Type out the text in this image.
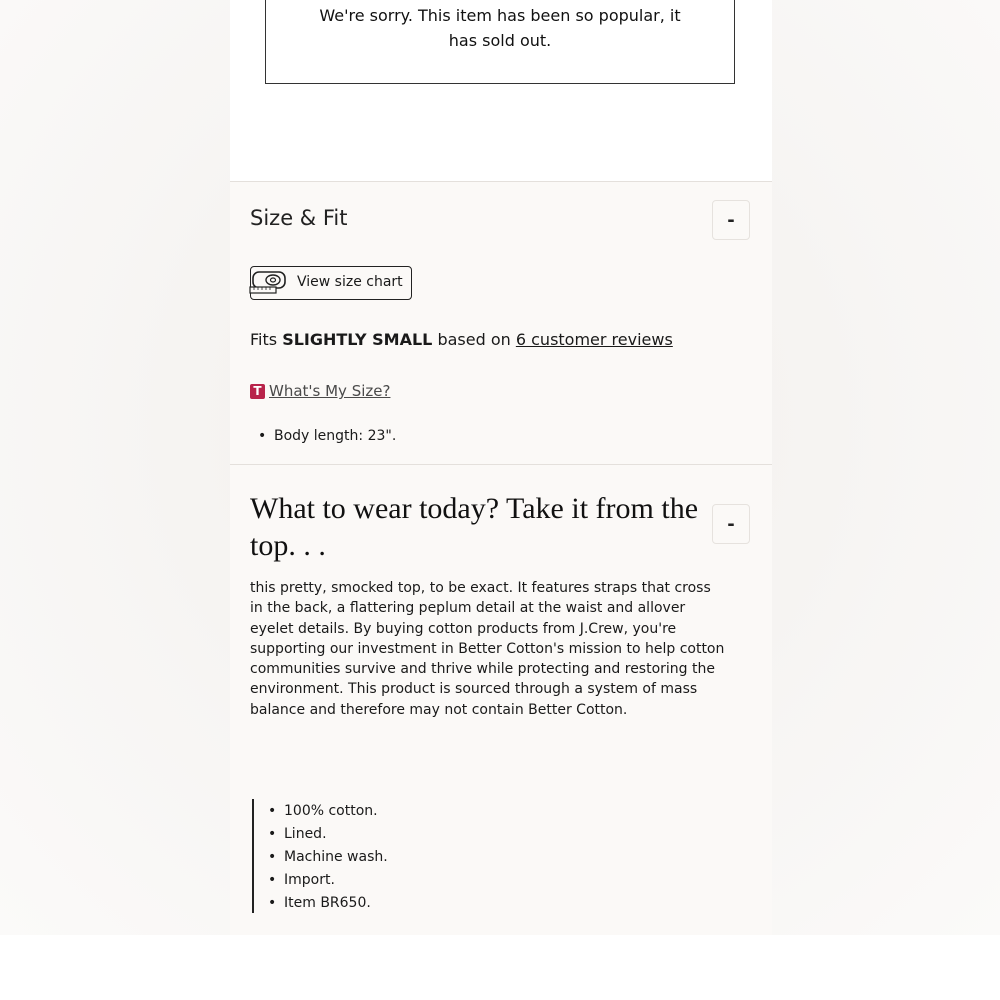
We're sorry. This item has been so popular, it
has sold out.
Size & Fit	-
View size chart
Fits SLIGHTLY SMALL based on 6 customer reviews
T What's My Size?
• Body length: 23".
What to wear today? Take it from the top. . .
-
this pretty, smocked top, to be exact. It features straps that cross in the back, a flattering peplum detail at the waist and allover eyelet details. By buying cotton products from J.Crew, you're supporting our investment in Better Cotton's mission to help cotton communities survive and thrive while protecting and restoring the environment. This product is sourced through a system of mass balance and therefore may not contain Better Cotton.
• 100% cotton.
• Lined.
• Machine wash.
• Import.
• Item BR650.
